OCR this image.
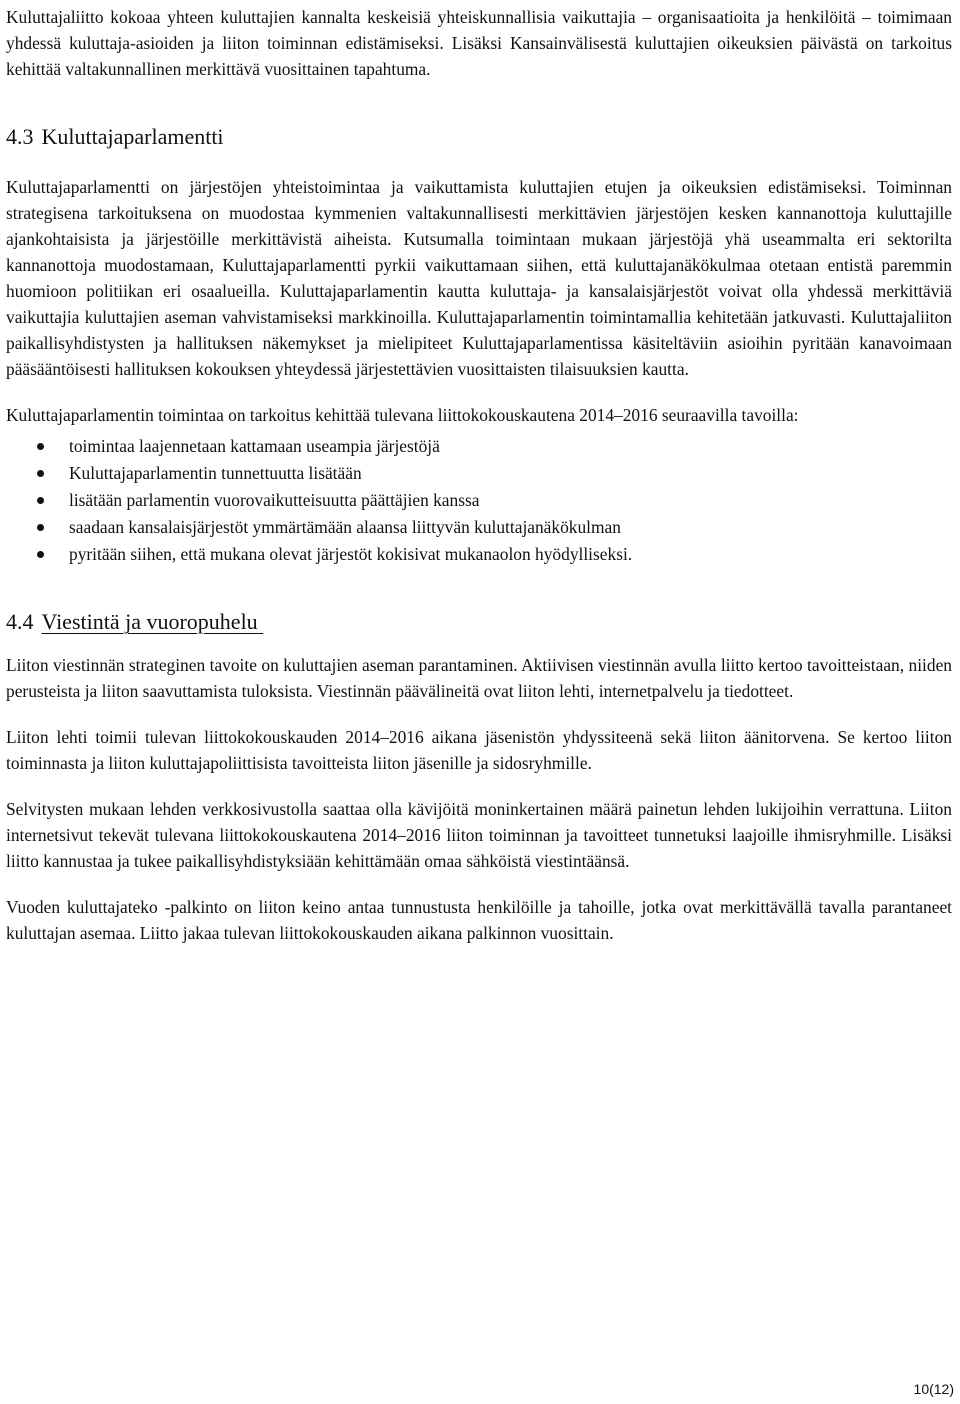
Kuluttajaliitto kokoaa yhteen kuluttajien kannalta keskeisiä yhteiskunnallisia vaikuttajia – organisaatioita ja henkilöitä – toimimaan yhdessä kuluttaja-asioiden ja liiton toiminnan edistämiseksi. Lisäksi Kansainvälisestä kuluttajien oikeuksien päivästä on tarkoitus kehittää valtakunnallinen merkittävä vuosittainen tapahtuma.

4.3 Kuluttajaparlamentti

Kuluttajaparlamentti on järjestöjen yhteistoimintaa ja vaikuttamista kuluttajien etujen ja oikeuksien edistämiseksi. Toiminnan strategisena tarkoituksena on muodostaa kymmenien valtakunnallisesti merkittävien järjestöjen kesken kannanottoja kuluttajille ajankohtaisista ja järjestöille merkittävistä aiheista. Kutsumalla toimintaan mukaan järjestöjä yhä useammalta eri sektorilta kannanottoja muodostamaan, Kuluttajaparlamentti pyrkii vaikuttamaan siihen, että kuluttajanäkökulmaa otetaan entistä paremmin huomioon politiikan eri osaalueilla. Kuluttajaparlamentin kautta kuluttaja- ja kansalaisjärjestöt voivat olla yhdessä merkittäviä vaikuttajia kuluttajien aseman vahvistamiseksi markkinoilla. Kuluttajaparlamentin toimintamallia kehitetään jatkuvasti. Kuluttajaliiton paikallisyhdistysten ja hallituksen näkemykset ja mielipiteet Kuluttajaparlamentissa käsiteltäviin asioihin pyritään kanavoimaan pääsääntöisesti hallituksen kokouksen yhteydessä järjestettävien vuosittaisten tilaisuuksien kautta.

Kuluttajaparlamentin toimintaa on tarkoitus kehittää tulevana liittokokouskautena 2014–2016 seuraavilla tavoilla:

toimintaa laajennetaan kattamaan useampia järjestöjä
Kuluttajaparlamentin tunnettuutta lisätään
lisätään parlamentin vuorovaikutteisuutta päättäjien kanssa
saadaan kansalaisjärjestöt ymmärtämään alaansa liittyvän kuluttajanäkökulman
pyritään siihen, että mukana olevat järjestöt kokisivat mukanaolon hyödylliseksi.
4.4 Viestintä ja vuoropuhelu

Liiton viestinnän strateginen tavoite on kuluttajien aseman parantaminen. Aktiivisen viestinnän avulla liitto kertoo tavoitteistaan, niiden perusteista ja liiton saavuttamista tuloksista. Viestinnän päävälineitä ovat liiton lehti, internetpalvelu ja tiedotteet.

Liiton lehti toimii tulevan liittokokouskauden 2014–2016 aikana jäsenistön yhdyssiteenä sekä liiton äänitorvena. Se kertoo liiton toiminnasta ja liiton kuluttajapoliittisista tavoitteista liiton jäsenille ja sidosryhmille.

Selvitysten mukaan lehden verkkosivustolla saattaa olla kävijöitä moninkertainen määrä painetun lehden lukijoihin verrattuna. Liiton internetsivut tekevät tulevana liittokokouskautena 2014–2016 liiton toiminnan ja tavoitteet tunnetuksi laajoille ihmisryhmille. Lisäksi liitto kannustaa ja tukee paikallisyhdistyksiään kehittämään omaa sähköistä viestintäänsä.

Vuoden kuluttajateko -palkinto on liiton keino antaa tunnustusta henkilöille ja tahoille, jotka ovat merkittävällä tavalla parantaneet kuluttajan asemaa. Liitto jakaa tulevan liittokokouskauden aikana palkinnon vuosittain.

10(12)
